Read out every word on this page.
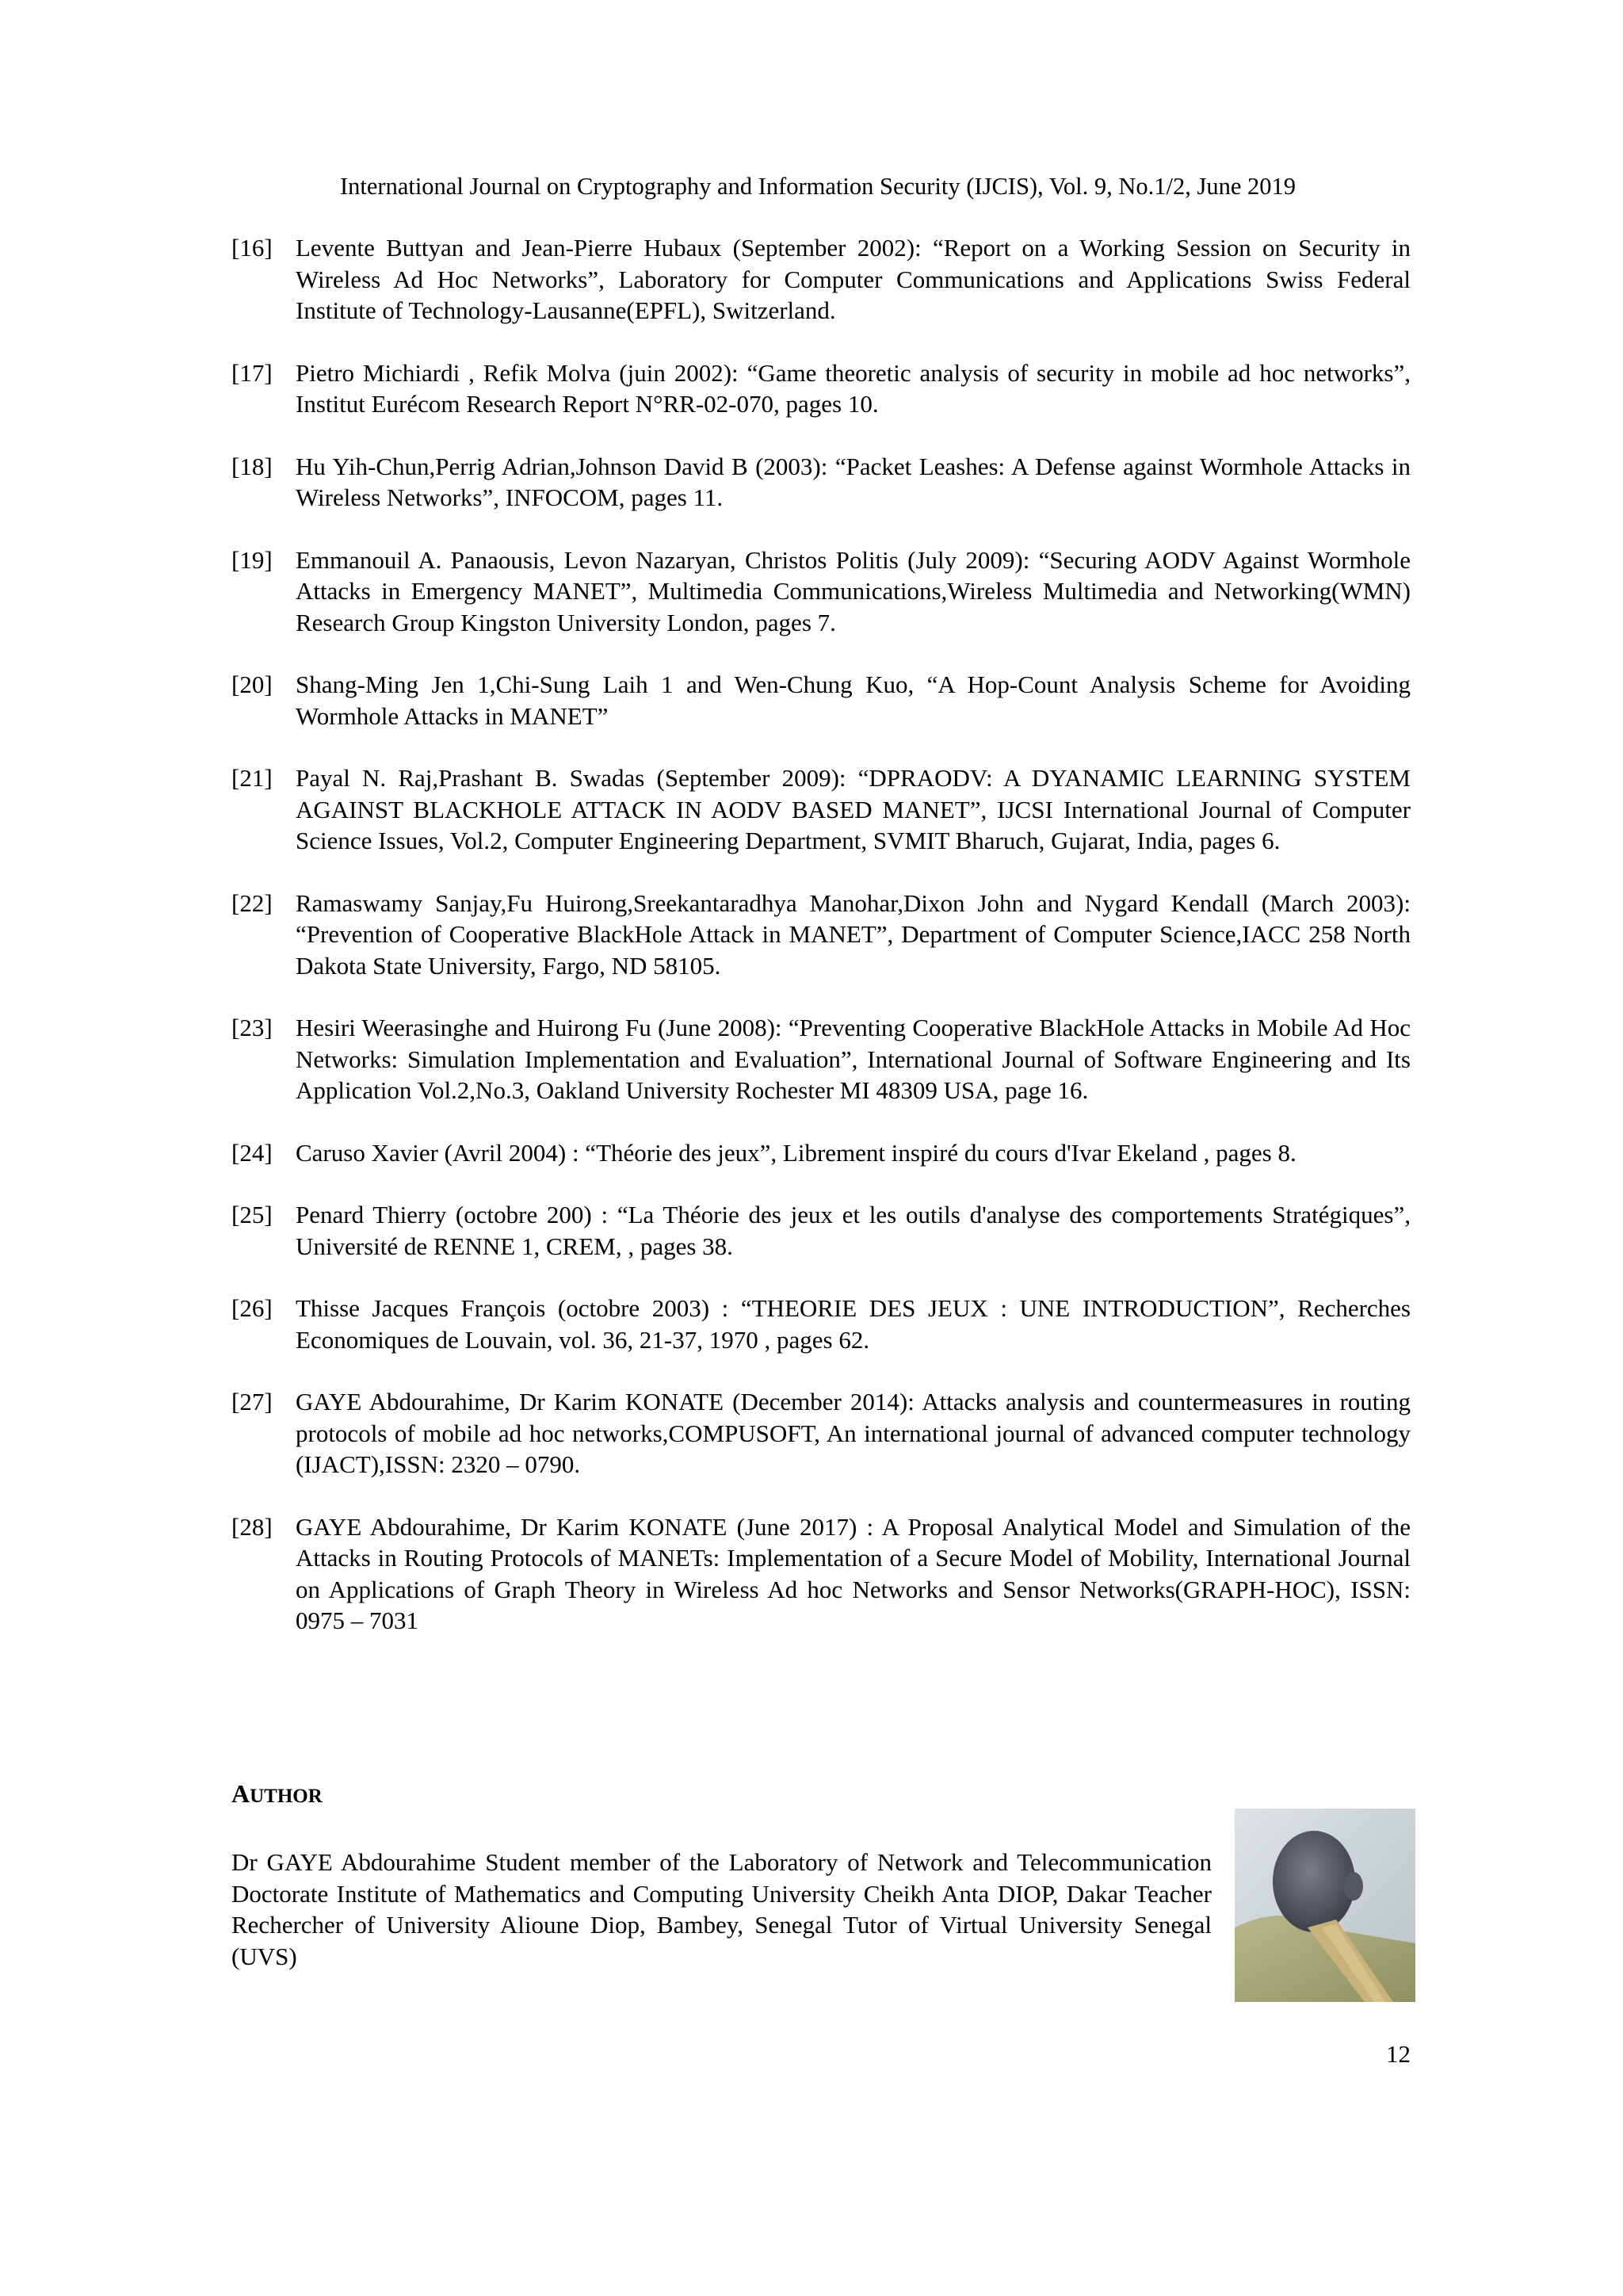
International Journal on Cryptography and Information Security (IJCIS), Vol. 9, No.1/2, June 2019
[16] Levente Buttyan and Jean-Pierre Hubaux (September 2002): “Report on a Working Session on Security in Wireless Ad Hoc Networks”, Laboratory for Computer Communications and Applications Swiss Federal Institute of Technology-Lausanne(EPFL), Switzerland.
[17] Pietro Michiardi , Refik Molva (juin 2002): “Game theoretic analysis of security in mobile ad hoc networks”, Institut Eurécom Research Report N°RR-02-070, pages 10.
[18] Hu Yih-Chun,Perrig Adrian,Johnson David B (2003): “Packet Leashes: A Defense against Wormhole Attacks in Wireless Networks”, INFOCOM, pages 11.
[19] Emmanouil A. Panaousis, Levon Nazaryan, Christos Politis (July 2009): “Securing AODV Against Wormhole Attacks in Emergency MANET”, Multimedia Communications,Wireless Multimedia and Networking(WMN) Research Group Kingston University London, pages 7.
[20] Shang-Ming Jen 1,Chi-Sung Laih 1 and Wen-Chung Kuo, “A Hop-Count Analysis Scheme for Avoiding Wormhole Attacks in MANET”
[21] Payal N. Raj,Prashant B. Swadas (September 2009): “DPRAODV: A DYANAMIC LEARNING SYSTEM AGAINST BLACKHOLE ATTACK IN AODV BASED MANET”, IJCSI International Journal of Computer Science Issues, Vol.2, Computer Engineering Department, SVMIT Bharuch, Gujarat, India, pages 6.
[22] Ramaswamy Sanjay,Fu Huirong,Sreekantaradhya Manohar,Dixon John and Nygard Kendall (March 2003): “Prevention of Cooperative BlackHole Attack in MANET”, Department of Computer Science,IACC 258 North Dakota State University, Fargo, ND 58105.
[23] Hesiri Weerasinghe and Huirong Fu (June 2008): “Preventing Cooperative BlackHole Attacks in Mobile Ad Hoc Networks: Simulation Implementation and Evaluation”, International Journal of Software Engineering and Its Application Vol.2,No.3, Oakland University Rochester MI 48309 USA, page 16.
[24] Caruso Xavier (Avril 2004) : “Théorie des jeux”, Librement inspiré du cours d'Ivar Ekeland , pages 8.
[25] Penard Thierry (octobre 200) : “La Théorie des jeux et les outils d'analyse des comportements Stratégiques”, Université de RENNE 1, CREM, , pages 38.
[26] Thisse Jacques François (octobre 2003) : “THEORIE DES JEUX : UNE INTRODUCTION”, Recherches Economiques de Louvain, vol. 36, 21-37, 1970 , pages 62.
[27] GAYE Abdourahime, Dr Karim KONATE (December 2014): Attacks analysis and countermeasures in routing protocols of mobile ad hoc networks,COMPUSOFT, An international journal of advanced computer technology (IJACT),ISSN: 2320 – 0790.
[28] GAYE Abdourahime, Dr Karim KONATE (June 2017) : A Proposal Analytical Model and Simulation of the Attacks in Routing Protocols of MANETs: Implementation of a Secure Model of Mobility, International Journal on Applications of Graph Theory in Wireless Ad hoc Networks and Sensor Networks(GRAPH-HOC), ISSN: 0975 – 7031
AUTHOR
Dr GAYE Abdourahime Student member of the Laboratory of Network and Telecommunication Doctorate Institute of Mathematics and Computing University Cheikh Anta DIOP, Dakar Teacher Rechercher of University Alioune Diop, Bambey, Senegal Tutor of Virtual University Senegal (UVS)
12
